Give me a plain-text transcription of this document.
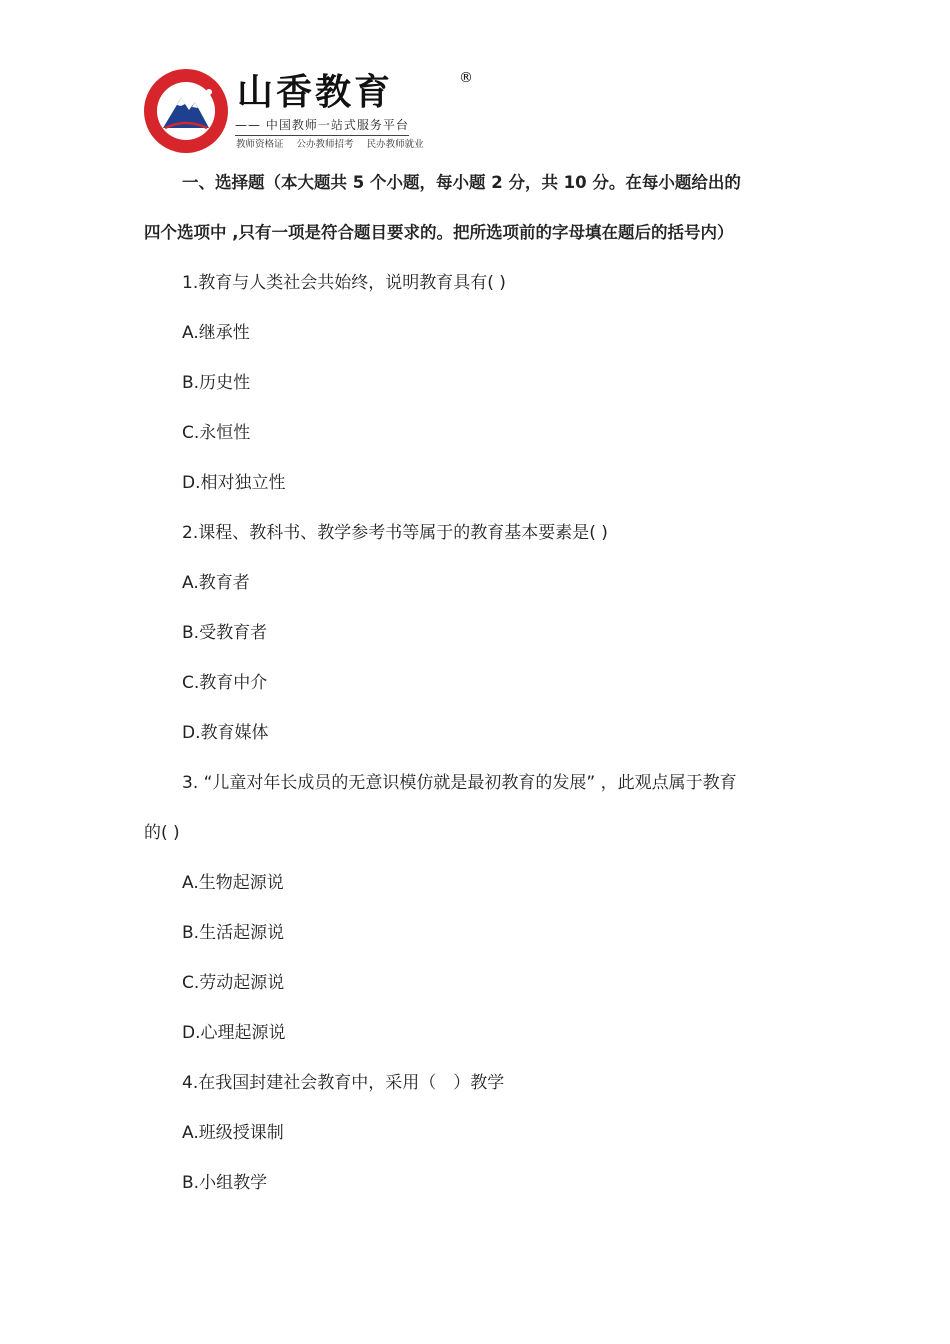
山香教育	®
—— 中国教师一站式服务平台
教师资格证 公办教师招考 民办教师就业
一、选择题（本大题共 5 个小题，每小题 2 分，共 10 分。在每小题给出的
四个选项中 ,只有一项是符合题目要求的。把所选项前的字母填在题后的括号内）
1.教育与人类社会共始终，说明教育具有( )
A.继承性
B.历史性
C.永恒性
D.相对独立性
2.课程、教科书、教学参考书等属于的教育基本要素是( )
A.教育者
B.受教育者
C.教育中介
D.教育媒体
3. “儿童对年长成员的无意识模仿就是最初教育的发展” ，此观点属于教育
的( )
A.生物起源说
B.生活起源说
C.劳动起源说
D.心理起源说
4.在我国封建社会教育中，采用（　）教学
A.班级授课制
B.小组教学
